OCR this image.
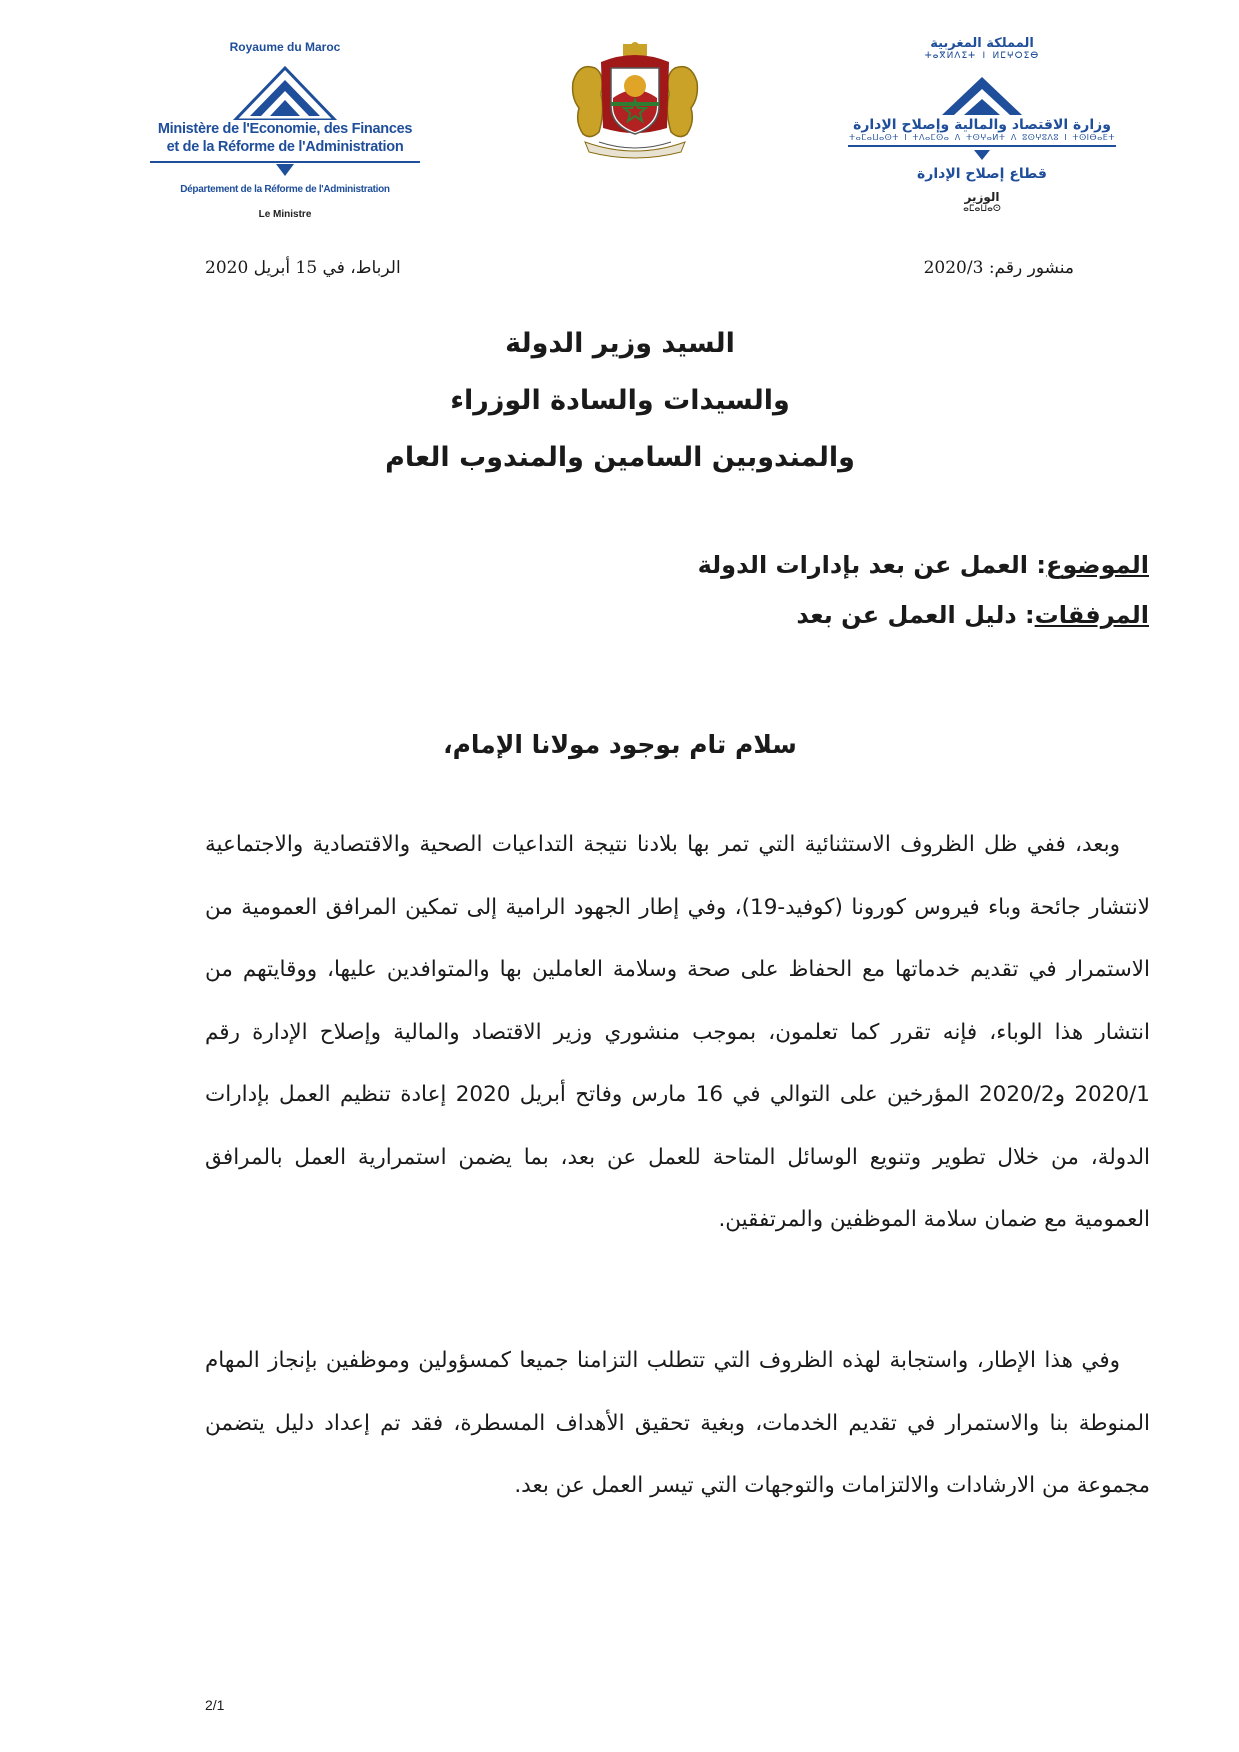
Royaume du Maroc
Ministère de l'Economie, des Finances
et de la Réforme de l'Administration
Département de la Réforme de l'Administration
Le Ministre
المملكة المغربية
ⵜⴰⴳⵍⴷⵉⵜ ⵏ ⵍⵎⵖⵔⵉⴱ
وزارة الاقتصاد والمالية وإصلاح الإدارة
ⵜⴰⵎⴰⵡⴰⵙⵜ ⵏ ⵜⴷⴰⵎⵙⴰ ⴷ ⵜⵙⵖⴰⵍⵜ ⴷ ⵓⵙⵖⵓⴷⵓ ⵏ ⵜⵙⵏⴱⴰⴹⵜ
قطاع إصلاح الإدارة
الوزير
ⴰⵎⴰⵡⴰⵙ
منشور رقم: 2020/3
الرباط، في 15 أبريل 2020
السيد وزير الدولة
والسيدات والسادة الوزراء
والمندوبين السامين والمندوب العام
الموضوع: العمل عن بعد بإدارات الدولة
المرفقات: دليل العمل عن بعد
سلام تام بوجود مولانا الإمام،

وبعد، ففي ظل الظروف الاستثنائية التي تمر بها بلادنا نتيجة التداعيات الصحية والاقتصادية والاجتماعية لانتشار جائحة وباء فيروس كورونا (كوفيد-19)، وفي إطار الجهود الرامية إلى تمكين المرافق العمومية من الاستمرار في تقديم خدماتها مع الحفاظ على صحة وسلامة العاملين بها والمتوافدين عليها، ووقايتهم من انتشار هذا الوباء، فإنه تقرر كما تعلمون، بموجب منشوري وزير الاقتصاد والمالية وإصلاح الإدارة رقم 2020/1 و2020/2 المؤرخين على التوالي في 16 مارس وفاتح أبريل 2020 إعادة تنظيم العمل بإدارات الدولة، من خلال تطوير وتنويع الوسائل المتاحة للعمل عن بعد، بما يضمن استمرارية العمل بالمرافق العمومية مع ضمان سلامة الموظفين والمرتفقين.

وفي هذا الإطار، واستجابة لهذه الظروف التي تتطلب التزامنا جميعا كمسؤولين وموظفين بإنجاز المهام المنوطة بنا والاستمرار في تقديم الخدمات، وبغية تحقيق الأهداف المسطرة، فقد تم إعداد دليل يتضمن مجموعة من الارشادات والالتزامات والتوجهات التي تيسر العمل عن بعد.

2/1
